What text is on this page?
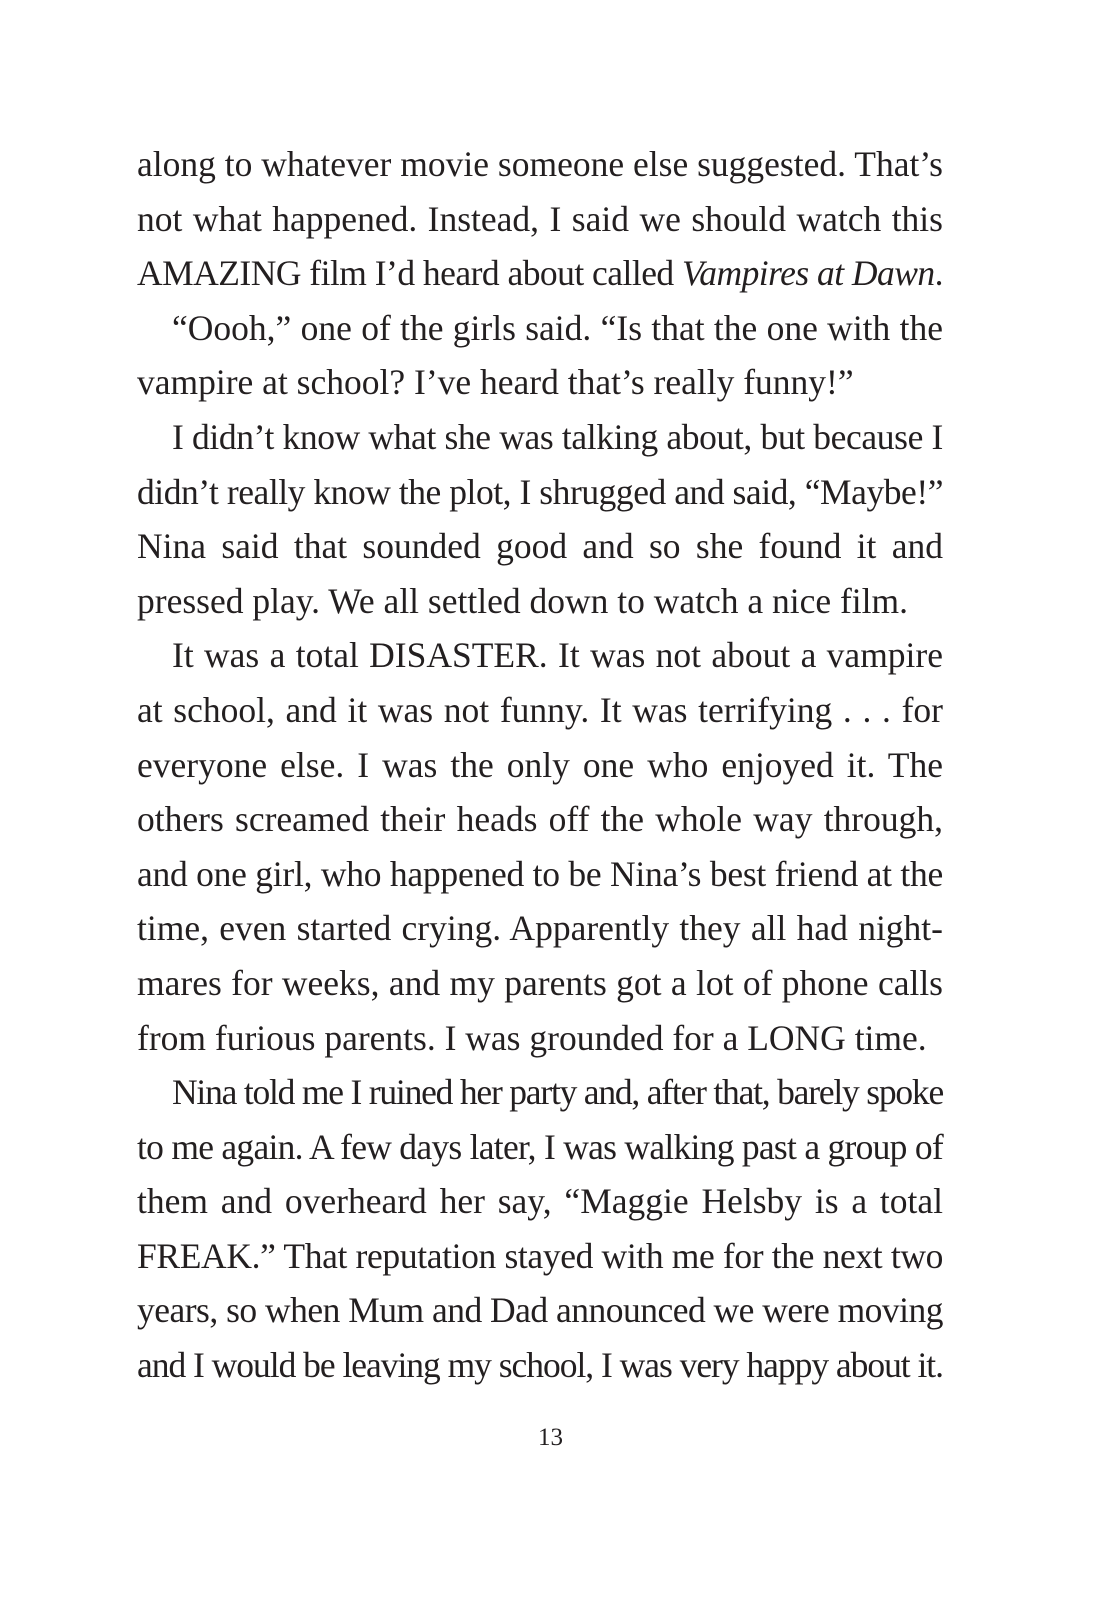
along to whatever movie someone else suggested. That’s
not what happened. Instead, I said we should watch this
AMAZING film I’d heard about called Vampires at Dawn.
“Oooh,” one of the girls said. “Is that the one with the
vampire at school? I’ve heard that’s really funny!”
I didn’t know what she was talking about, but because I
didn’t really know the plot, I shrugged and said, “Maybe!”
Nina said that sounded good and so she found it and
pressed play. We all settled down to watch a nice film.
It was a total DISASTER. It was not about a vampire
at school, and it was not funny. It was terrifying . . . for
everyone else. I was the only one who enjoyed it. The
others screamed their heads off the whole way through,
and one girl, who happened to be Nina’s best friend at the
time, even started crying. Apparently they all had night-
mares for weeks, and my parents got a lot of phone calls
from furious parents. I was grounded for a LONG time.
Nina told me I ruined her party and, after that, barely spoke
to me again. A few days later, I was walking past a group of
them and overheard her say, “Maggie Helsby is a total
FREAK.” That reputation stayed with me for the next two
years, so when Mum and Dad announced we were moving
and I would be leaving my school, I was very happy about it.
13
